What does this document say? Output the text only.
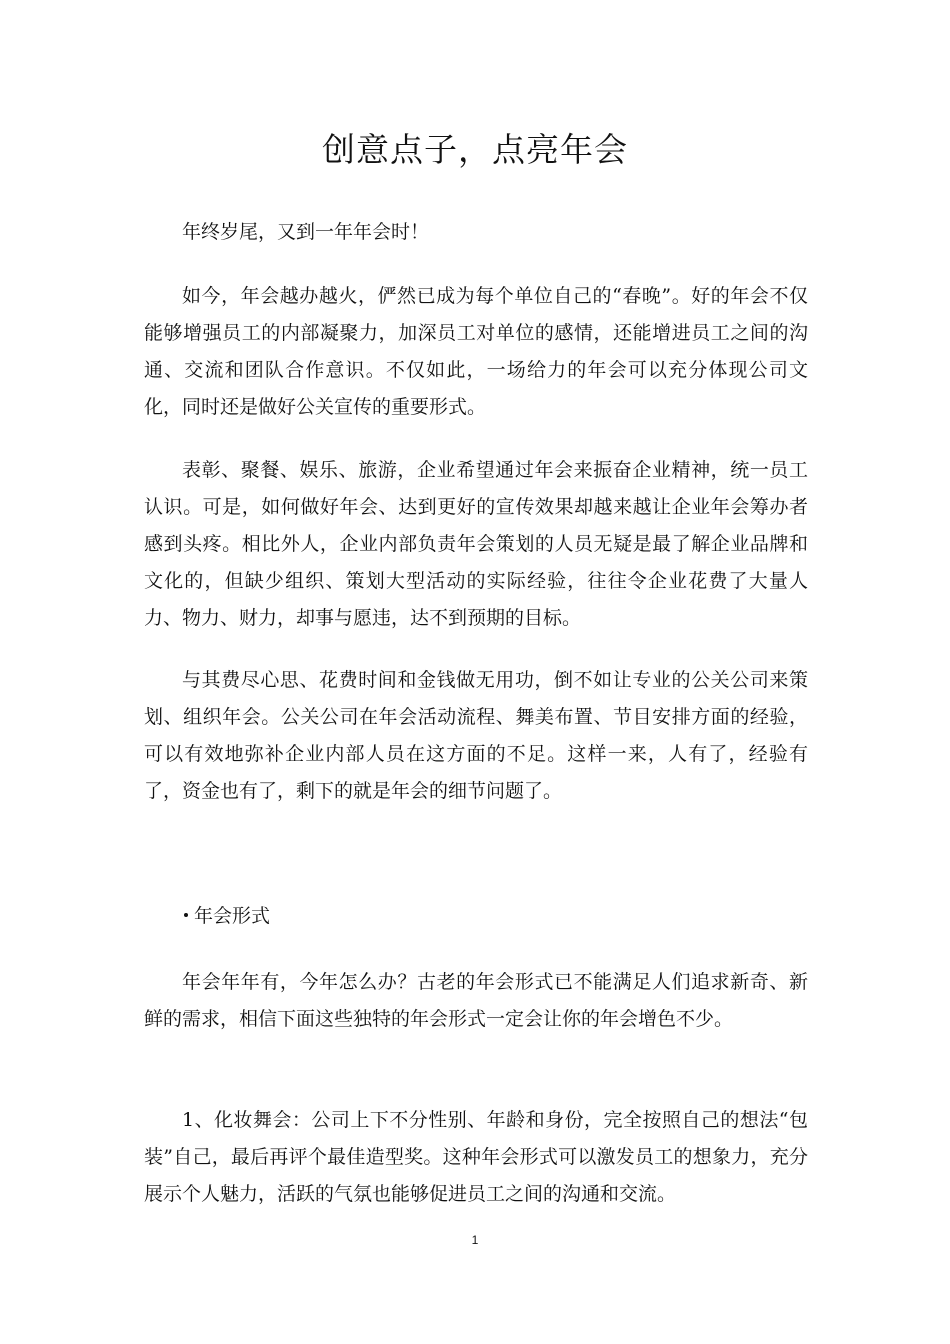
创意点子，点亮年会

年终岁尾，又到一年年会时！

如今，年会越办越火，俨然已成为每个单位自己的“春晚”。好的年会不仅能够增强员工的内部凝聚力，加深员工对单位的感情，还能增进员工之间的沟通、交流和团队合作意识。不仅如此，一场给力的年会可以充分体现公司文化，同时还是做好公关宣传的重要形式。

表彰、聚餐、娱乐、旅游，企业希望通过年会来振奋企业精神，统一员工认识。可是，如何做好年会、达到更好的宣传效果却越来越让企业年会筹办者感到头疼。相比外人，企业内部负责年会策划的人员无疑是最了解企业品牌和文化的，但缺少组织、策划大型活动的实际经验，往往令企业花费了大量人力、物力、财力，却事与愿违，达不到预期的目标。

与其费尽心思、花费时间和金钱做无用功，倒不如让专业的公关公司来策划、组织年会。公关公司在年会活动流程、舞美布置、节目安排方面的经验，可以有效地弥补企业内部人员在这方面的不足。这样一来，人有了，经验有了，资金也有了，剩下的就是年会的细节问题了。

年会形式

年会年年有，今年怎么办？古老的年会形式已不能满足人们追求新奇、新鲜的需求，相信下面这些独特的年会形式一定会让你的年会增色不少。

1、化妆舞会：公司上下不分性别、年龄和身份，完全按照自己的想法“包装”自己，最后再评个最佳造型奖。这种年会形式可以激发员工的想象力，充分展示个人魅力，活跃的气氛也能够促进员工之间的沟通和交流。

1
